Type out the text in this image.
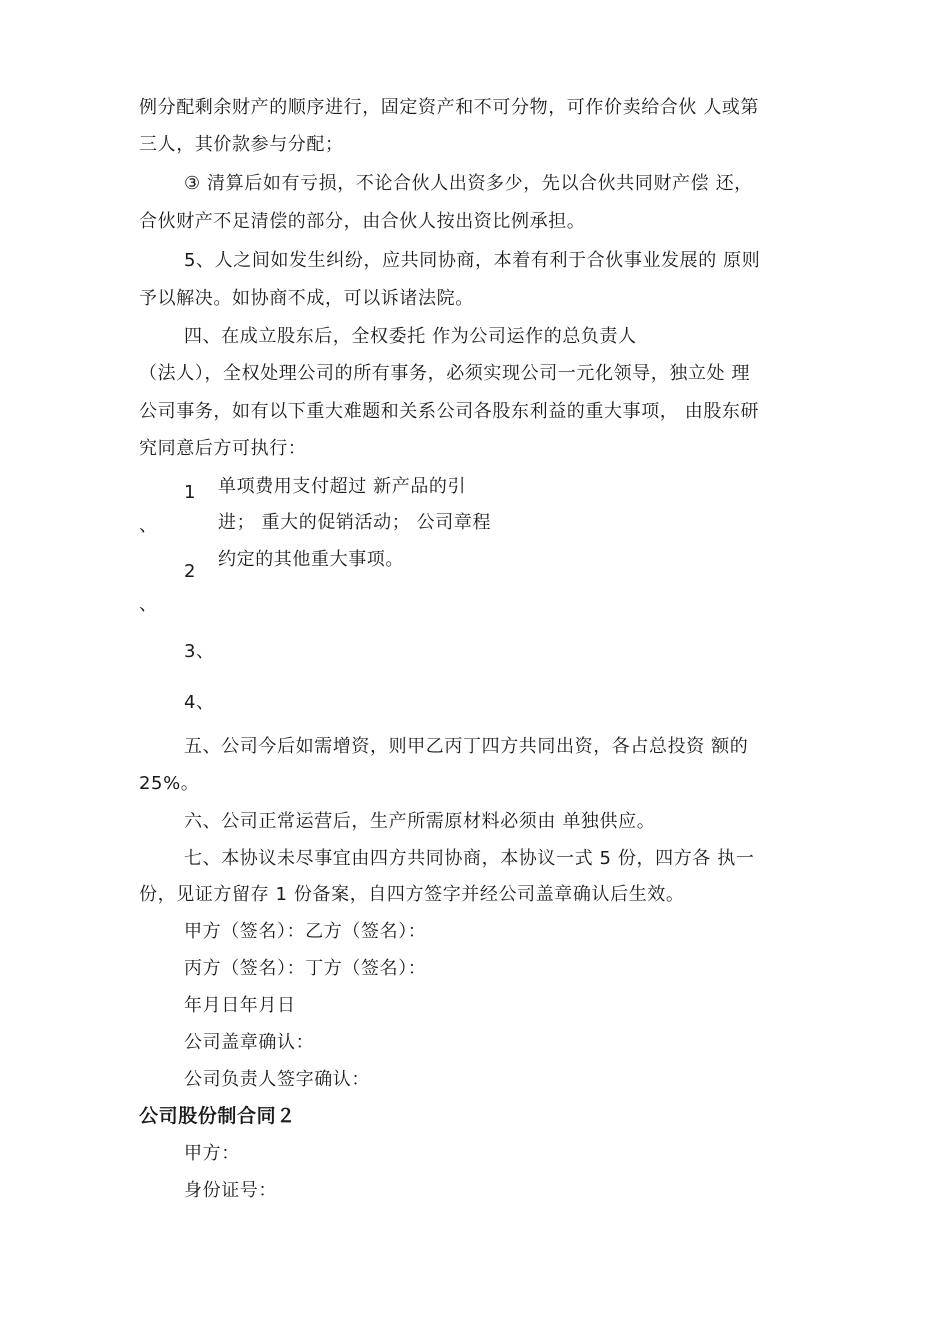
例分配剩余财产的顺序进行，固定资产和不可分物，可作价卖给合伙 人或第
三人，其价款参与分配；
③ 清算后如有亏损，不论合伙人出资多少，先以合伙共同财产偿 还，
合伙财产不足清偿的部分，由合伙人按出资比例承担。
5、人之间如发生纠纷，应共同协商，本着有利于合伙事业发展的 原则
予以解决。如协商不成，可以诉诸法院。
四、在成立股东后，全权委托 作为公司运作的总负责人
（法人），全权处理公司的所有事务，必须实现公司一元化领导，独立处 理
公司事务，如有以下重大难题和关系公司各股东利益的重大事项， 由股东研
究同意后方可执行：
1
、
2
、
3、
4、
单项费用支付超过 新产品的引
进； 重大的促销活动； 公司章程
约定的其他重大事项。
五、公司今后如需增资，则甲乙丙丁四方共同出资，各占总投资 额的
25%。
六、公司正常运营后，生产所需原材料必须由 单独供应。
七、本协议未尽事宜由四方共同协商，本协议一式 5 份，四方各 执一
份，见证方留存 1 份备案，自四方签字并经公司盖章确认后生效。
甲方（签名）：乙方（签名）：
丙方（签名）：丁方（签名）：
年月日年月日
公司盖章确认：
公司负责人签字确认：
公司股份制合同２
甲方：
身份证号：
